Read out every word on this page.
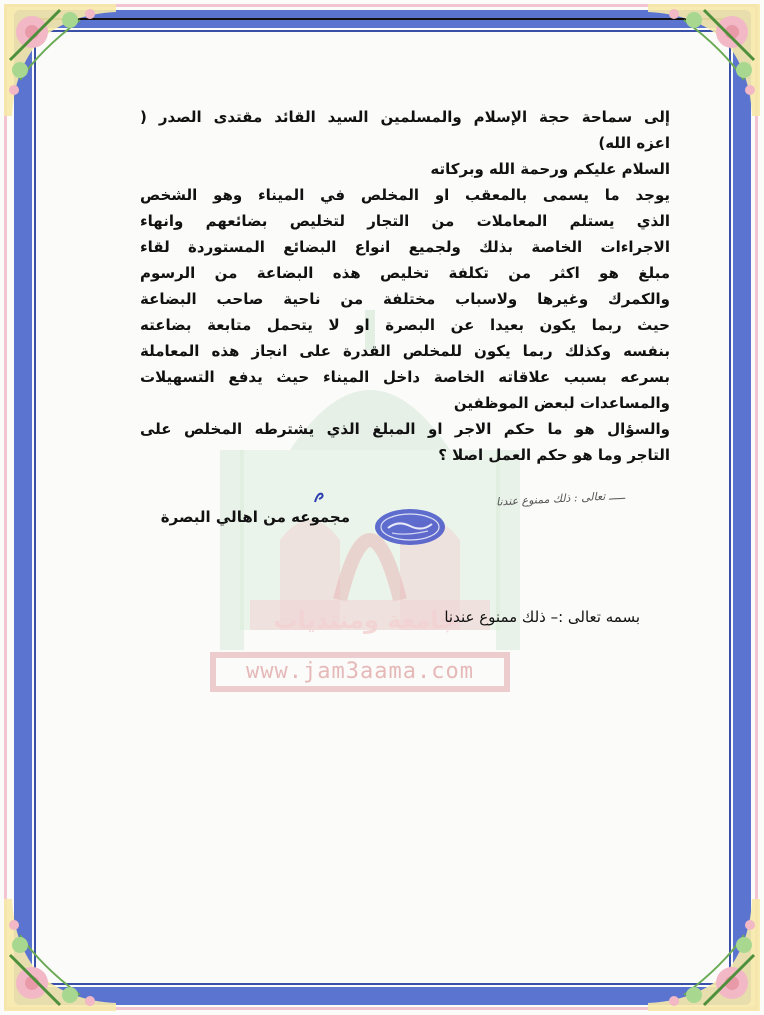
www.jam3aama.com
جامعة ومنتديات
إلى سماحة حجة الإسلام والمسلمين السيد القائد مقتدى الصدر (
اعزه الله)
السلام عليكم ورحمة الله وبركاته
يوجد ما يسمى بالمعقب او المخلص في الميناء وهو الشخص
الذي يستلم المعاملات من التجار لتخليص بضائعهم وانهاء
الاجراءات الخاصة بذلك ولجميع انواع البضائع المستوردة لقاء
مبلغ هو اكثر من تكلفة تخليص هذه البضاعة من الرسوم
والكمرك وغيرها ولاسباب مختلفة من ناحية صاحب البضاعة
حيث ربما يكون بعيدا عن البصرة او لا يتحمل متابعة بضاعته
بنفسه وكذلك ربما يكون للمخلص القدرة على انجاز هذه المعاملة
بسرعه بسبب علاقاته الخاصة داخل الميناء حيث يدفع التسهيلات
والمساعدات لبعض الموظفين
والسؤال هو ما حكم الاجر او المبلغ الذي يشترطه المخلص على
التاجر وما هو حكم العمل اصلا ؟
ـــــ تعالى : ذلك ممنوع عندنا
مجموعه من اهالي البصرة
بسمه تعالى :– ذلك ممنوع عندنا
